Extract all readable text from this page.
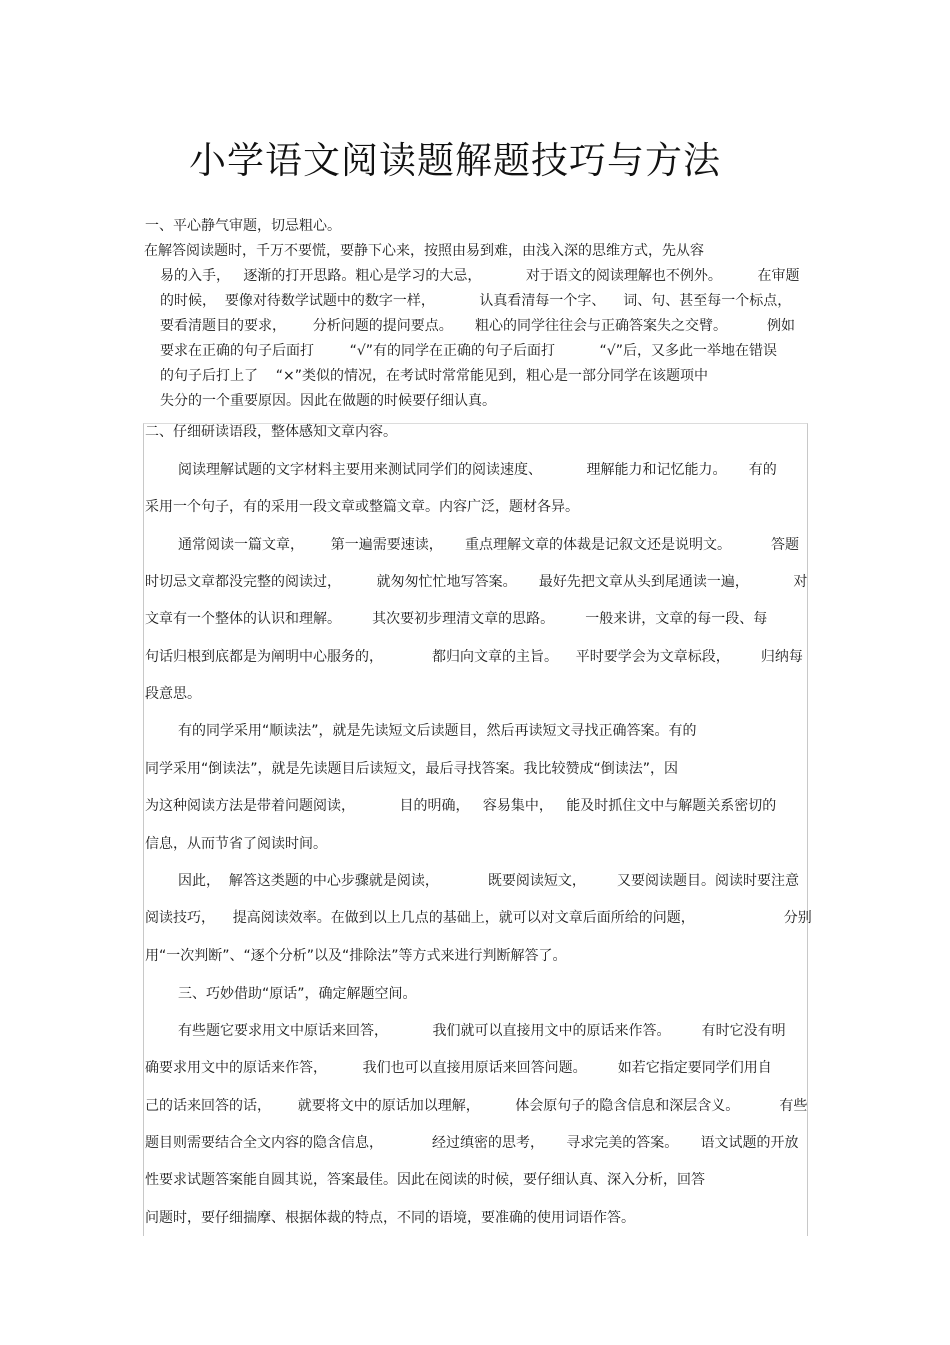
小学语文阅读题解题技巧与方法
一、平心静气审题，切忌粗心。
在解答阅读题时，千万不要慌，要静下心来，按照由易到难，由浅入深的思维方式，先从容
易的入手，   逐渐的打开思路。粗心是学习的大忌，          对于语文的阅读理解也不例外。        在审题
的时候，  要像对待数学试题中的数字一样，          认真看清每一个字、    词、句、甚至每一个标点，
要看清题目的要求，      分析问题的提问要点。     粗心的同学往往会与正确答案失之交臂。         例如
要求在正确的句子后面打        “√”有的同学在正确的句子后面打          “√”后，又多此一举地在错误
的句子后打上了    “×”类似的情况，在考试时常常能见到，粗心是一部分同学在该题项中
失分的一个重要原因。因此在做题的时候要仔细认真。
二、仔细研读语段，整体感知文章内容。
阅读理解试题的文字材料主要用来测试同学们的阅读速度、          理解能力和记忆能力。     有的
采用一个句子，有的采用一段文章或整篇文章。内容广泛，题材各异。
通常阅读一篇文章，      第一遍需要速读，     重点理解文章的体裁是记叙文还是说明文。         答题
时切忌文章都没完整的阅读过，        就匆匆忙忙地写答案。     最好先把文章从头到尾通读一遍，          对
文章有一个整体的认识和理解。       其次要初步理清文章的思路。       一般来讲，文章的每一段、每
句话归根到底都是为阐明中心服务的，           都归向文章的主旨。    平时要学会为文章标段，       归纳每
段意思。
有的同学采用“顺读法”，就是先读短文后读题目，然后再读短文寻找正确答案。有的
同学采用“倒读法”，就是先读题目后读短文，最后寻找答案。我比较赞成“倒读法”，因
为这种阅读方法是带着问题阅读，          目的明确，   容易集中，   能及时抓住文中与解题关系密切的
信息，从而节省了阅读时间。
因此，  解答这类题的中心步骤就是阅读，           既要阅读短文，       又要阅读题目。阅读时要注意
阅读技巧，    提高阅读效率。在做到以上几点的基础上，就可以对文章后面所给的问题，                    分别
用“一次判断”、“逐个分析”以及“排除法”等方式来进行判断解答了。
三、巧妙借助“原话”，确定解题空间。
有些题它要求用文中原话来回答，          我们就可以直接用文中的原话来作答。       有时它没有明
确要求用文中的原话来作答，        我们也可以直接用原话来回答问题。       如若它指定要同学们用自
己的话来回答的话，      就要将文中的原话加以理解，        体会原句子的隐含信息和深层含义。         有些
题目则需要结合全文内容的隐含信息，           经过缜密的思考，     寻求完美的答案。     语文试题的开放
性要求试题答案能自圆其说，答案最佳。因此在阅读的时候，要仔细认真、深入分析，回答
问题时，要仔细揣摩、根据体裁的特点，不同的语境，要准确的使用词语作答。
